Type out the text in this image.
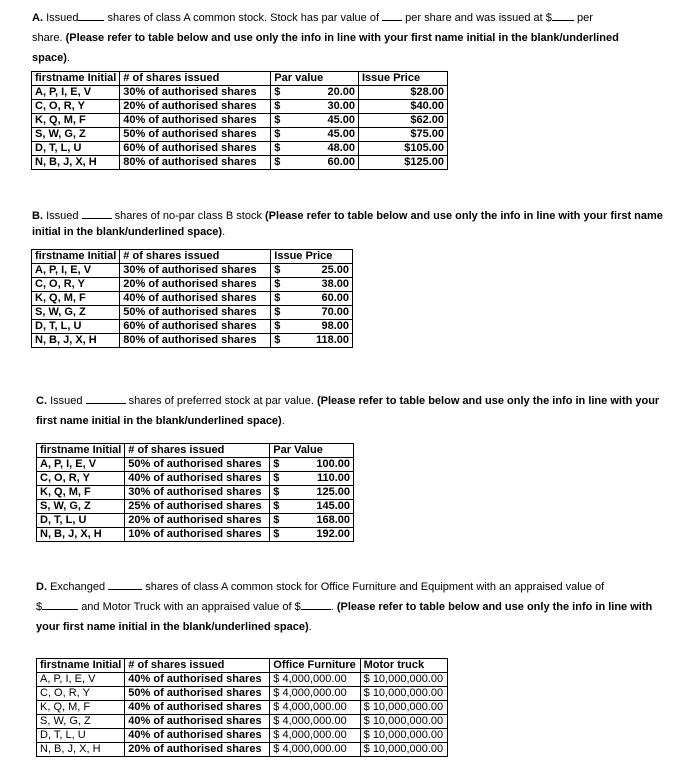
A. Issued	shares of class A common stock. Stock has par value of per share and was issued at $ per
share. (Please refer to table below and use only the info in line with your first name initial in the blank/underlined
space).
firstname Initial	# of shares issued	Par value		Issue Price
A, P, I, E, V	30% of authorised shares	$	20.00	$28.00
C, O, R, Y	20% of authorised shares	$	30.00	$40.00
K, Q, M, F	40% of authorised shares	$	45.00	$62.00
S, W, G, Z	50% of authorised shares	$	45.00	$75.00
D, T, L, U	60% of authorised shares	$	48.00	$105.00
N, B, J, X, H	80% of authorised shares	$	60.00	$125.00
B. Issued	shares of no-par class B stock (Please refer to table below and use only the info in line with your first name initial in the blank/underlined space).
firstname Initial	# of shares issued	Issue Price	
A, P, I, E, V	30% of authorised shares	$	25.00
C, O, R, Y	20% of authorised shares	$	38.00
K, Q, M, F	40% of authorised shares	$	60.00
S, W, G, Z	50% of authorised shares	$	70.00
D, T, L, U	60% of authorised shares	$	98.00
N, B, J, X, H	80% of authorised shares	$	118.00
C. Issued	shares of preferred stock at par value. (Please refer to table below and use only the info in line with your first name initial in the blank/underlined space).
firstname Initial	# of shares issued	Par Value	
A, P, I, E, V	50% of authorised shares	$	100.00
C, O, R, Y	40% of authorised shares	$	110.00
K, Q, M, F	30% of authorised shares	$	125.00
S, W, G, Z	25% of authorised shares	$	145.00
D, T, L, U	20% of authorised shares	$	168.00
N, B, J, X, H	10% of authorised shares	$	192.00
D. Exchanged	shares of class A common stock for Office Furniture and Equipment with an appraised value of
$	and Motor Truck with an appraised value of $	. (Please refer to table below and use only the info in line with your first name initial in the blank/underlined space).
firstname Initial	# of shares issued	Office Furniture	Motor truck
A, P, I, E, V	40% of authorised shares	$ 4,000,000.00	$ 10,000,000.00
C, O, R, Y	50% of authorised shares	$ 4,000,000.00	$ 10,000,000.00
K, Q, M, F	40% of authorised shares	$ 4,000,000.00	$ 10,000,000.00
S, W, G, Z	40% of authorised shares	$ 4,000,000.00	$ 10,000,000.00
D, T, L, U	40% of authorised shares	$ 4,000,000.00	$ 10,000,000.00
N, B, J, X, H	20% of authorised shares	$ 4,000,000.00	$ 10,000,000.00
